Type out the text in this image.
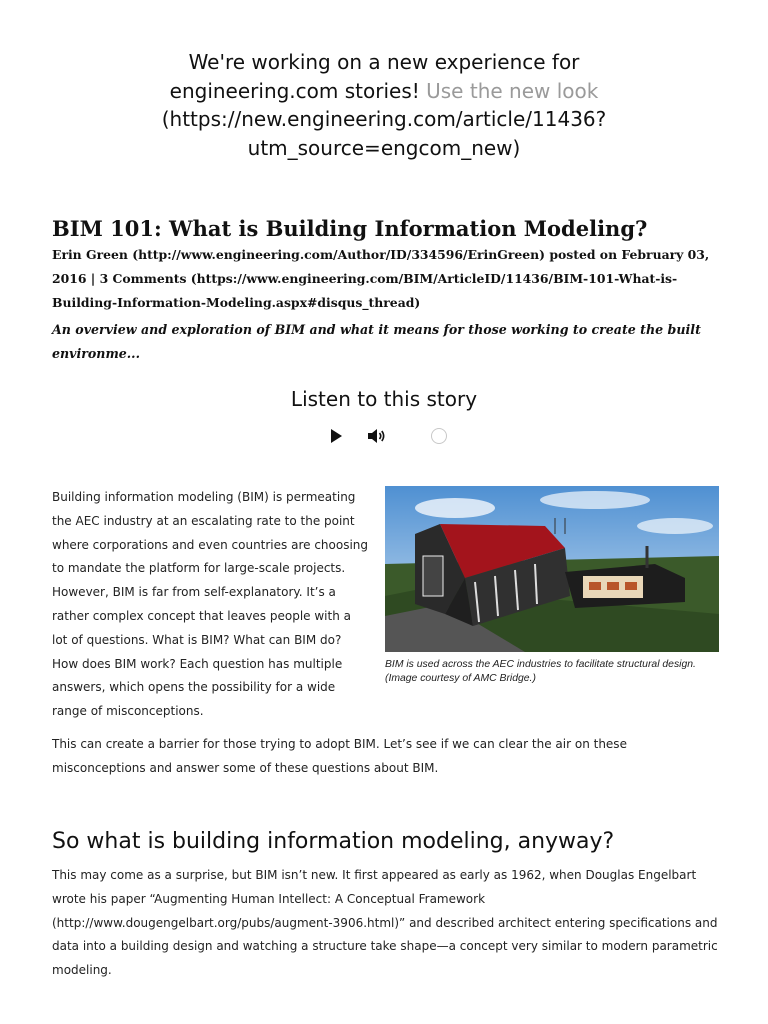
We're working on a new experience for engineering.com stories! Use the new look (https://new.engineering.com/article/11436?utm_source=engcom_new)
BIM 101: What is Building Information Modeling?
Erin Green (http://www.engineering.com/Author/ID/334596/ErinGreen) posted on February 03, 2016 | 3 Comments (https://www.engineering.com/BIM/ArticleID/11436/BIM-101-What-is-Building-Information-Modeling.aspx#disqus_thread)
An overview and exploration of BIM and what it means for those working to create the built environme...
Listen to this story

Building information modeling (BIM) is permeating the AEC industry at an escalating rate to the point where corporations and even countries are choosing to mandate the platform for large-scale projects. However, BIM is far from self-explanatory. It’s a rather complex concept that leaves people with a lot of questions. What is BIM? What can BIM do? How does BIM work? Each question has multiple answers, which opens the possibility for a wide range of misconceptions.

BIM is used across the AEC industries to facilitate structural design. (Image courtesy of AMC Bridge.)

This can create a barrier for those trying to adopt BIM. Let’s see if we can clear the air on these misconceptions and answer some of these questions about BIM.

So what is building information modeling, anyway?

This may come as a surprise, but BIM isn’t new. It first appeared as early as 1962, when Douglas Engelbart wrote his paper “Augmenting Human Intellect: A Conceptual Framework (http://www.dougengelbart.org/pubs/augment-3906.html)” and described architect entering specifications and data into a building design and watching a structure take shape—a concept very similar to modern parametric modeling.
